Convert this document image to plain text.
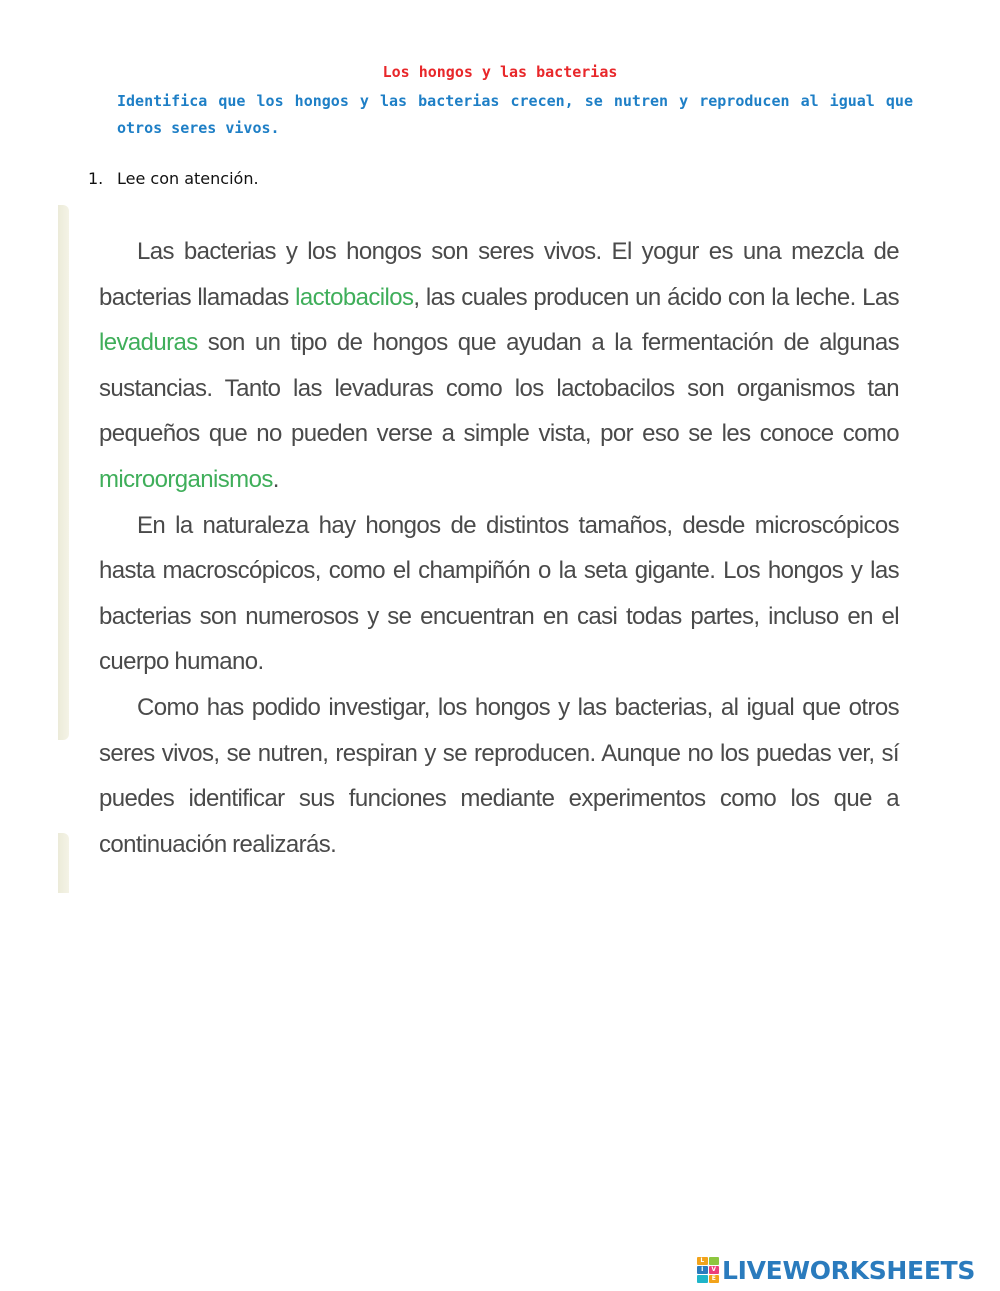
Los hongos y las bacterias
Identifica que los hongos y las bacterias crecen, se nutren y reproducen al igual que otros seres vivos.
1. Lee con atención.

Las bacterias y los hongos son seres vivos. El yogur es una mezcla de bacterias llamadas lactobacilos, las cuales producen un ácido con la leche. Las levaduras son un tipo de hongos que ayudan a la fermentación de algunas sustancias. Tanto las levaduras como los lactobacilos son organismos tan pequeños que no pueden verse a simple vista, por eso se les conoce como microorganismos.

En la naturaleza hay hongos de distintos tamaños, desde microscópicos hasta macroscópicos, como el champiñón o la seta gigante. Los hongos y las bacterias son numerosos y se encuentran en casi todas partes, incluso en el cuerpo humano.

Como has podido investigar, los hongos y las bacterias, al igual que otros seres vivos, se nutren, respiran y se reproducen. Aunque no los puedas ver, sí puedes identificar sus funciones mediante experimentos como los que a continuación realizarás.

L
I	V
E LIVEWORKSHEETS
